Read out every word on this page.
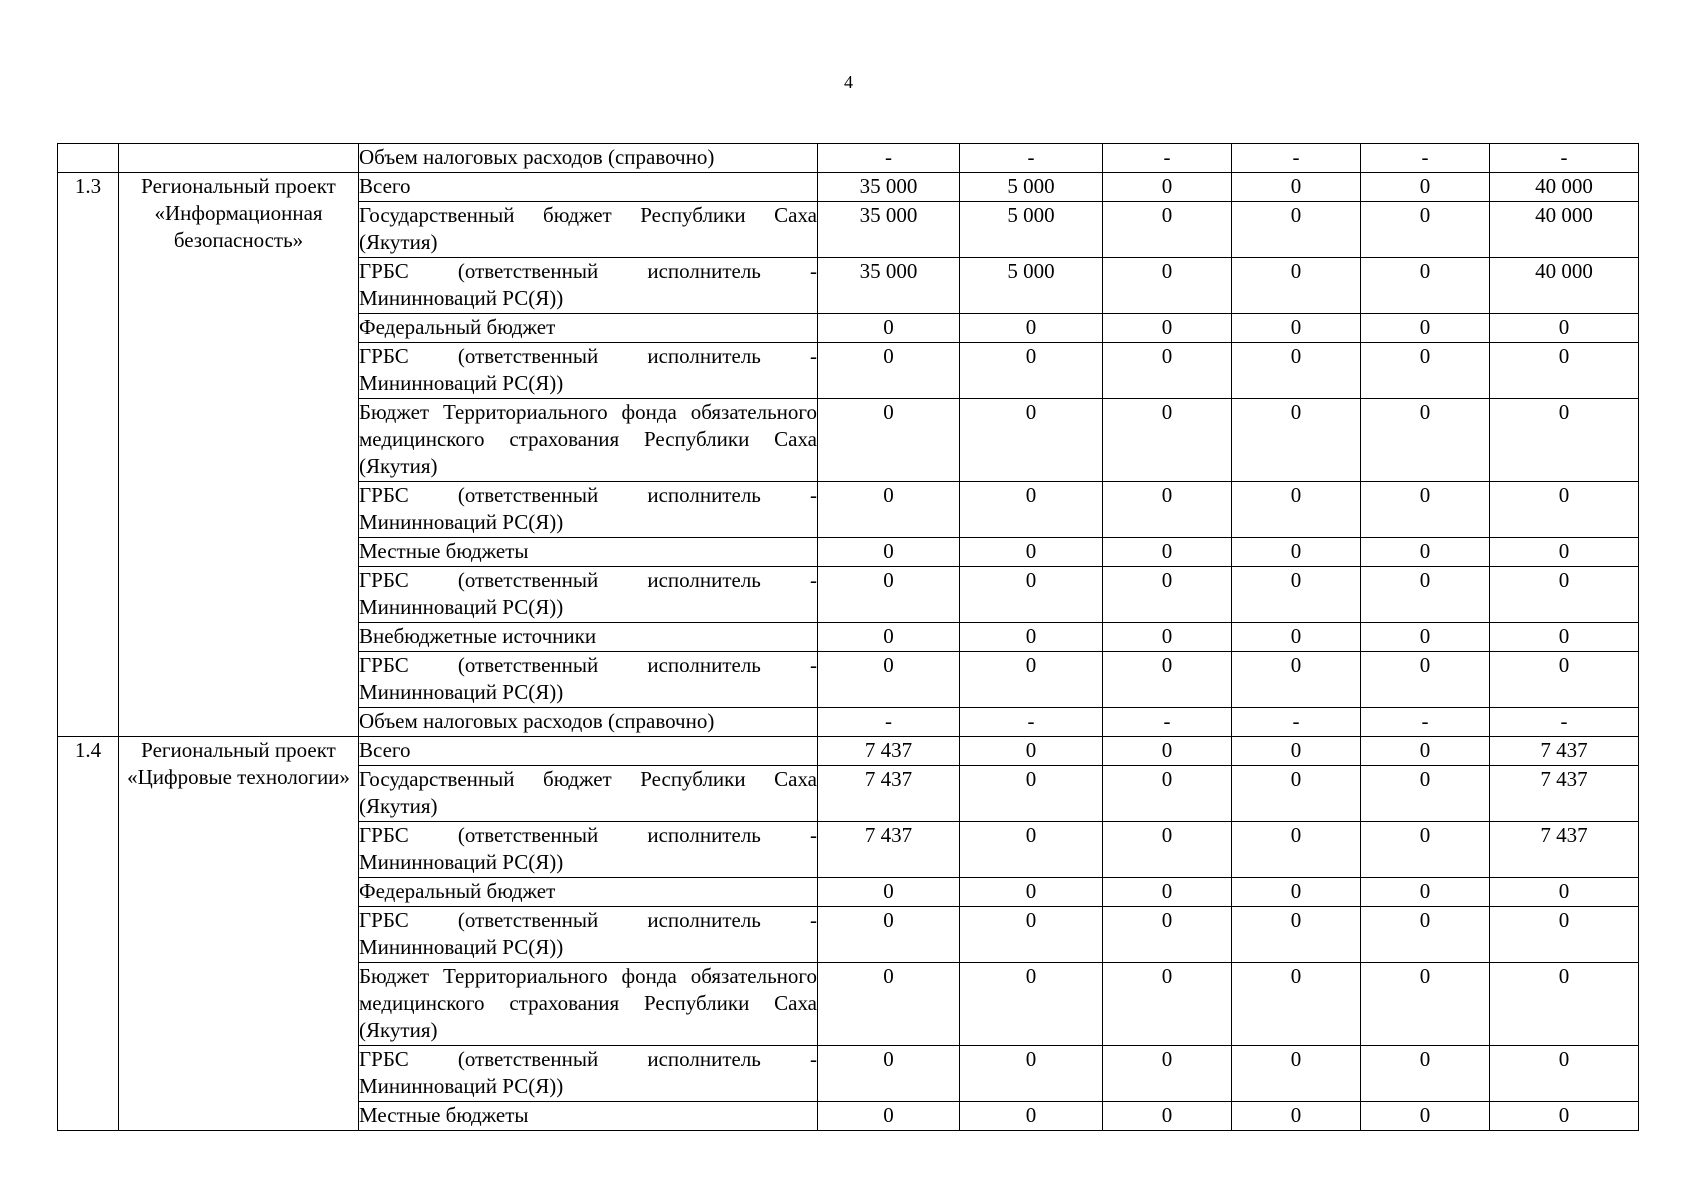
4

		Объем налоговых расходов (справочно)	-	-	-	-	-	-
1.3	Региональный проект «Информационная безопасность»	Всего	35 000	5 000	0	0	0	40 000

		Государственный бюджет Республики Саха (Якутия)	35 000	5 000	0	0	0	40 000

		ГРБС (ответственный исполнитель - Мининноваций РС(Я))	35 000	5 000	0	0	0	40 000

		Федеральный бюджет	0	0	0	0	0	0

		ГРБС (ответственный исполнитель - Мининноваций РС(Я))	0	0	0	0	0	0

		Бюджет Территориального фонда обязательного медицинского страхования Республики Саха (Якутия)	0	0	0	0	0	0

		ГРБС (ответственный исполнитель - Мининноваций РС(Я))	0	0	0	0	0	0

		Местные бюджеты	0	0	0	0	0	0

		ГРБС (ответственный исполнитель - Мининноваций РС(Я))	0	0	0	0	0	0

		Внебюджетные источники	0	0	0	0	0	0

		ГРБС (ответственный исполнитель - Мининноваций РС(Я))	0	0	0	0	0	0

		Объем налоговых расходов (справочно)	-	-	-	-	-	-
1.4	Региональный проект «Цифровые технологии»	Всего	7 437	0	0	0	0	7 437

		Государственный бюджет Республики Саха (Якутия)	7 437	0	0	0	0	7 437

		ГРБС (ответственный исполнитель - Мининноваций РС(Я))	7 437	0	0	0	0	7 437

		Федеральный бюджет	0	0	0	0	0	0

		ГРБС (ответственный исполнитель - Мининноваций РС(Я))	0	0	0	0	0	0

		Бюджет Территориального фонда обязательного медицинского страхования Республики Саха (Якутия)	0	0	0	0	0	0

		ГРБС (ответственный исполнитель - Мининноваций РС(Я))	0	0	0	0	0	0

		Местные бюджеты	0	0	0	0	0	0
